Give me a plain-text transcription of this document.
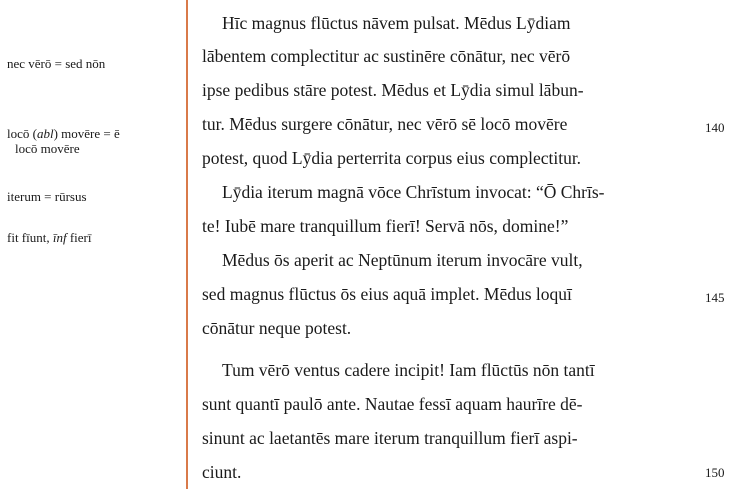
nec vērō = sed nōn
locō (abl) movēre = ē
locō movēre
iterum = rūrsus
fit fīunt, īnf fierī
Hīc magnus flūctus nāvem pulsat. Mēdus Lȳdiam
lābentem complectitur ac sustinēre cōnātur, nec vērō
ipse pedibus stāre potest. Mēdus et Lȳdia simul lābun-
tur. Mēdus surgere cōnātur, nec vērō sē locō movēre
potest, quod Lȳdia perterrita corpus eius complectitur.
Lȳdia iterum magnā vōce Chrīstum invocat: “Ō Chrīs-
te! Iubē mare tranquillum fierī! Servā nōs, domine!”
Mēdus ōs aperit ac Neptūnum iterum invocāre vult,
sed magnus flūctus ōs eius aquā implet. Mēdus loquī
cōnātur neque potest.
Tum vērō ventus cadere incipit! Iam flūctūs nōn tantī
sunt quantī paulō ante. Nautae fessī aquam haurīre dē-
sinunt ac laetantēs mare iterum tranquillum fierī aspi-
ciunt.
140
145
150
